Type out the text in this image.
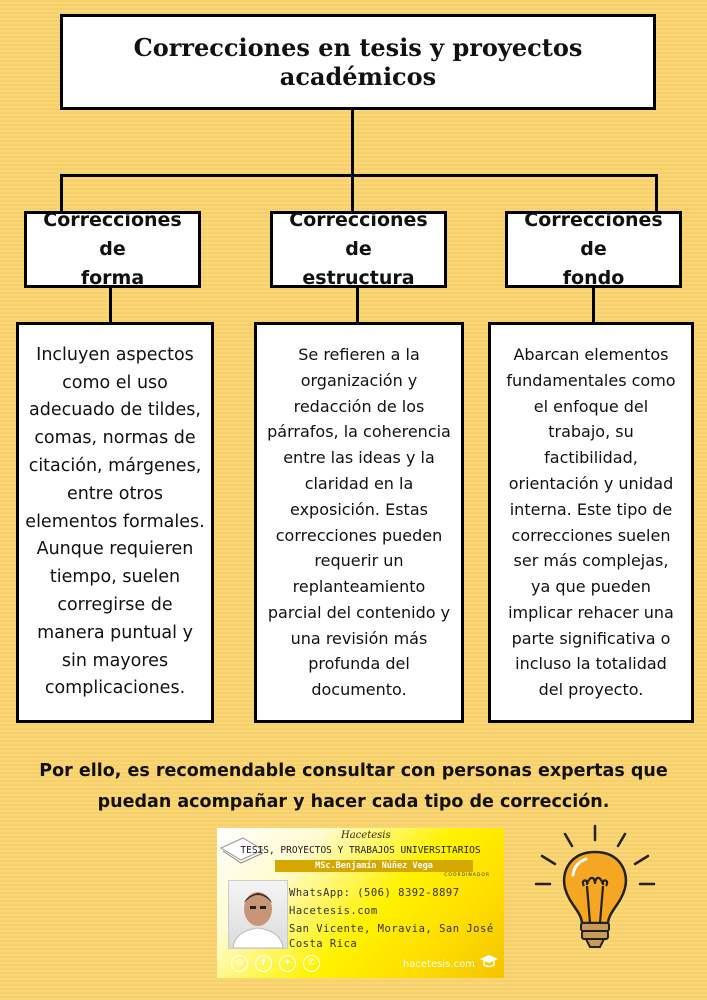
Correcciones en tesis y proyectos académicos
Correcciones de
forma
Correcciones de
estructura
Correcciones de
fondo
Incluyen aspectos
como el uso
adecuado de tildes,
comas, normas de
citación, márgenes,
entre otros
elementos formales.
Aunque requieren
tiempo, suelen
corregirse de
manera puntual y
sin mayores
complicaciones.
Se refieren a la
organización y
redacción de los
párrafos, la coherencia
entre las ideas y la
claridad en la
exposición. Estas
correcciones pueden
requerir un
replanteamiento
parcial del contenido y
una revisión más
profunda del
documento.
Abarcan elementos
fundamentales como
el enfoque del
trabajo, su
factibilidad,
orientación y unidad
interna. Este tipo de
correcciones suelen
ser más complejas,
ya que pueden
implicar rehacer una
parte significativa o
incluso la totalidad
del proyecto.
Por ello, es recomendable consultar con personas expertas que
puedan acompañar y hacer cada tipo de corrección.
Hacetesis
TESIS, PROYECTOS Y TRABAJOS UNIVERSITARIOS
MSc.Benjamín Núñez Vega
COORDINADOR
WhatsApp: (506) 8392-8897
Hacetesis.com
San Vicente, Moravia, San José
Costa Rica
◎	f	✦	✆	hacetesis.com
